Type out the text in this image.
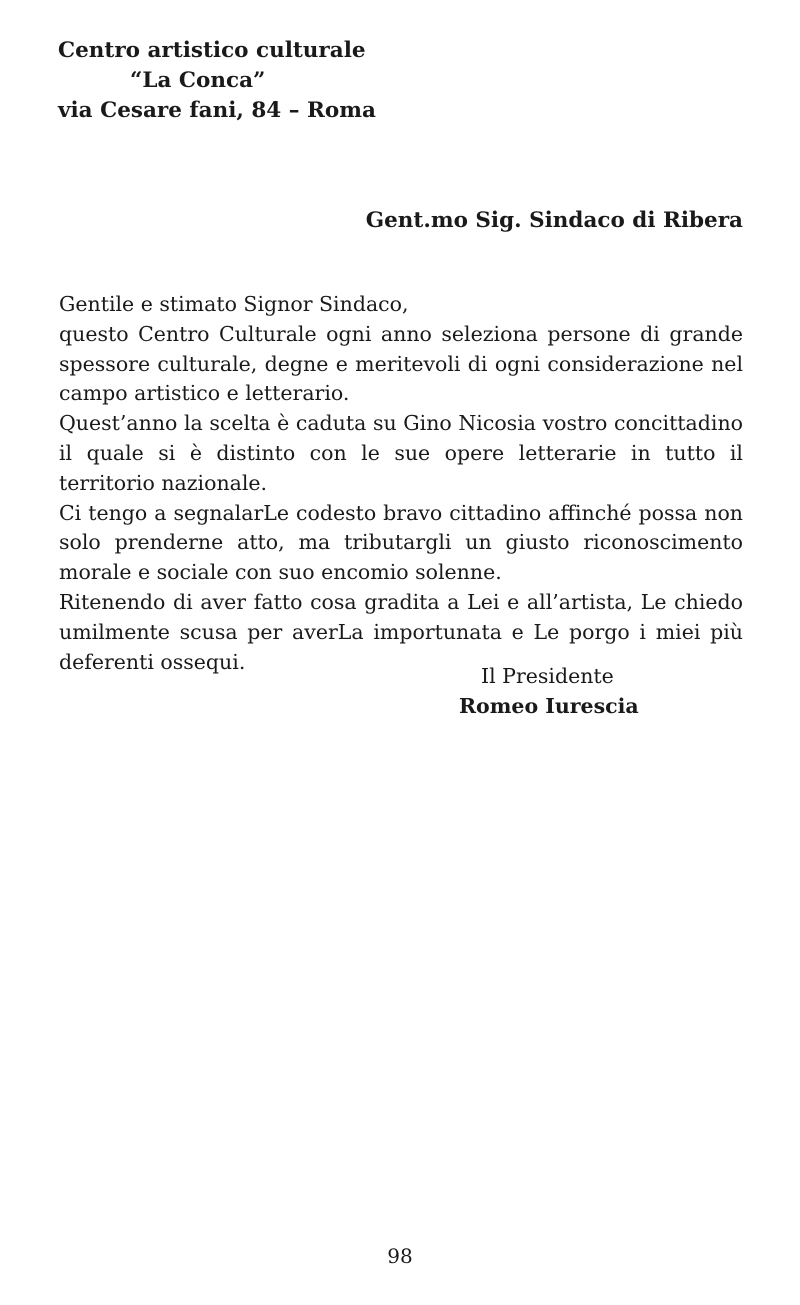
Centro artistico culturale
“La Conca”
via Cesare fani, 84 – Roma
Gent.mo Sig. Sindaco di Ribera

Gentile e stimato Signor Sindaco,

questo Centro Culturale ogni anno seleziona persone di grande spessore culturale, degne e meritevoli di ogni considerazione nel campo artistico e letterario.

Quest’anno la scelta è caduta su Gino Nicosia vostro concittadino il quale si è distinto con le sue opere letterarie in tutto il territorio nazionale.

Ci tengo a segnalarLe codesto bravo cittadino affinché possa non solo prenderne atto, ma tributargli un giusto riconoscimento morale e sociale con suo encomio solenne.

Ritenendo di aver fatto cosa gradita a Lei e all’artista, Le chiedo umilmente scusa per averLa importunata e Le porgo i miei più deferenti ossequi.

Il Presidente
Romeo Iurescia
98
